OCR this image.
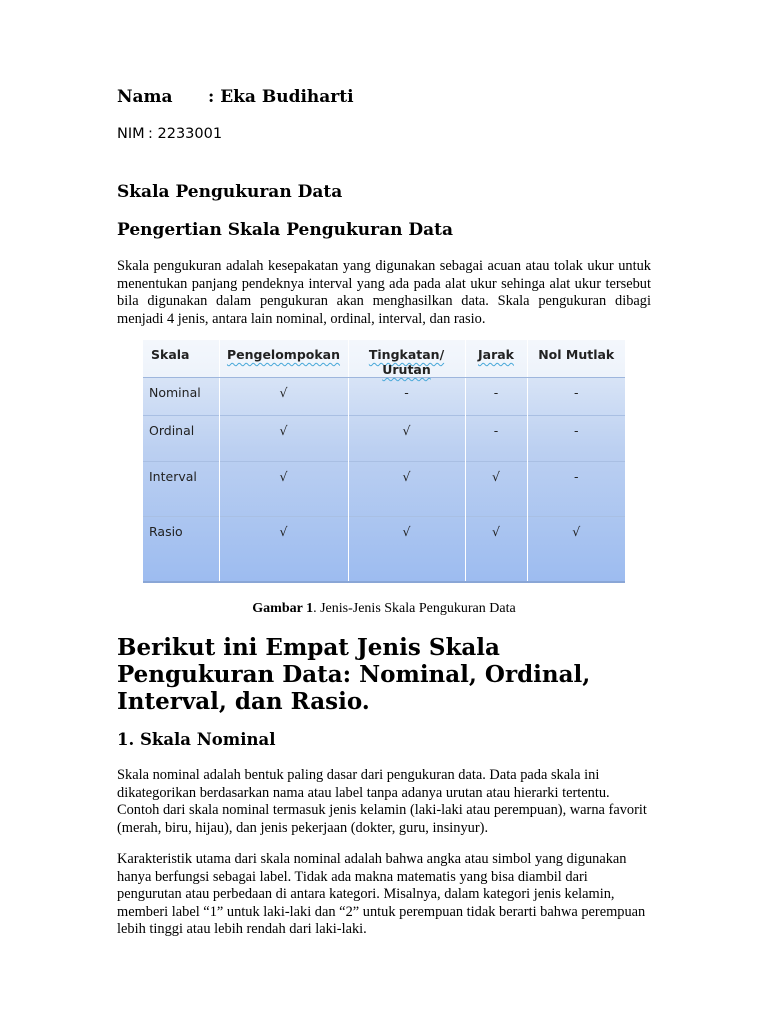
Nama : Eka Budiharti
NIM : 2233001
Skala Pengukuran Data
Pengertian Skala Pengukuran Data

Skala pengukuran adalah kesepakatan yang digunakan sebagai acuan atau tolak ukur untuk menentukan panjang pendeknya interval yang ada pada alat ukur sehinga alat ukur tersebut bila digunakan dalam pengukuran akan menghasilkan data. Skala pengukuran dibagi menjadi 4 jenis, antara lain nominal, ordinal, interval, dan rasio.

Skala	Pengelompokan	Tingkatan/ Urutan	Jarak	Nol Mutlak
Nominal	√	-	-	-
Ordinal	√	√	-	-
Interval	√	√	√	-
Rasio	√	√	√	√
Gambar 1. Jenis-Jenis Skala Pengukuran Data
Berikut ini Empat Jenis Skala Pengukuran Data: Nominal, Ordinal, Interval, dan Rasio.
1. Skala Nominal

Skala nominal adalah bentuk paling dasar dari pengukuran data. Data pada skala ini dikategorikan berdasarkan nama atau label tanpa adanya urutan atau hierarki tertentu. Contoh dari skala nominal termasuk jenis kelamin (laki-laki atau perempuan), warna favorit (merah, biru, hijau), dan jenis pekerjaan (dokter, guru, insinyur).

Karakteristik utama dari skala nominal adalah bahwa angka atau simbol yang digunakan hanya berfungsi sebagai label. Tidak ada makna matematis yang bisa diambil dari pengurutan atau perbedaan di antara kategori. Misalnya, dalam kategori jenis kelamin, memberi label “1” untuk laki-laki dan “2” untuk perempuan tidak berarti bahwa perempuan lebih tinggi atau lebih rendah dari laki-laki.
